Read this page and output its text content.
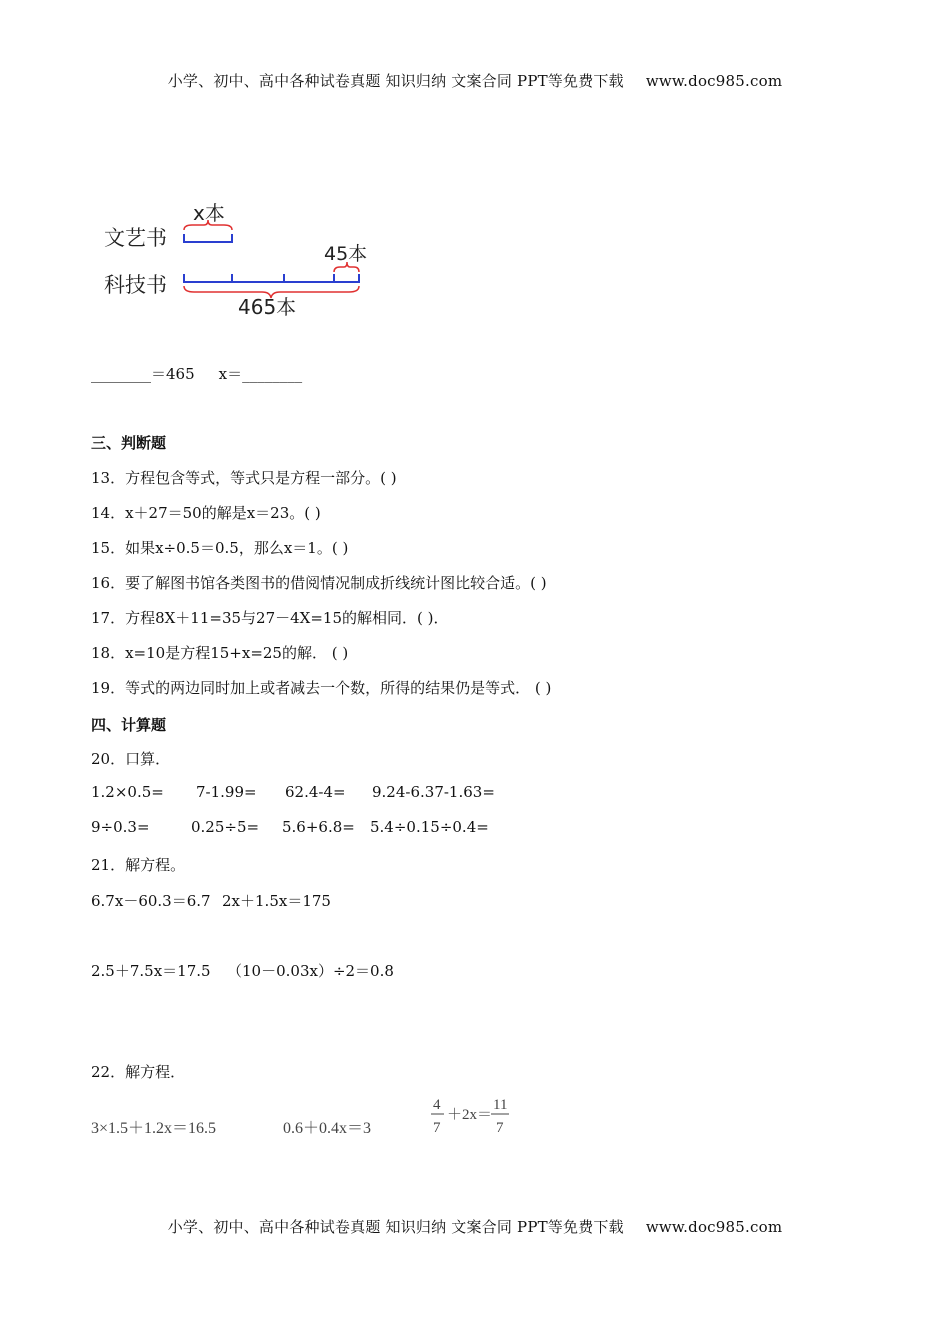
小学、初中、高中各种试卷真题 知识归纳 文案合同 PPT等免费下载 www.doc985.com
文艺书
x本
科技书
45本
465本
________＝465 x＝________
三、判断题
13．方程包含等式，等式只是方程一部分。( )
14．x＋27＝50的解是x＝23。( )
15．如果x÷0.5＝0.5，那么x＝1。( )
16．要了解图书馆各类图书的借阅情况制成折线统计图比较合适。( )
17．方程8X＋11=35与27－4X=15的解相同．( )．
18．x=10是方程15+x=25的解． ( )
19．等式的两边同时加上或者减去一个数，所得的结果仍是等式． ( )
四、计算题
20．口算．
1.2×0.5= 7-1.99= 62.4-4= 9.24-6.37-1.63=
9÷0.3=	0.25÷5= 5.6+6.8= 5.4÷0.15÷0.4=
21．解方程。
6.7x－60.3＝6.7 2x＋1.5x＝175
2.5＋7.5x＝17.5 （10－0.03x）÷2＝0.8
22．解方程．
3×1.5＋1.2x＝16.5	0.6＋0.4x＝3
4
7
＋2x＝
11
7
小学、初中、高中各种试卷真题 知识归纳 文案合同 PPT等免费下载 www.doc985.com
